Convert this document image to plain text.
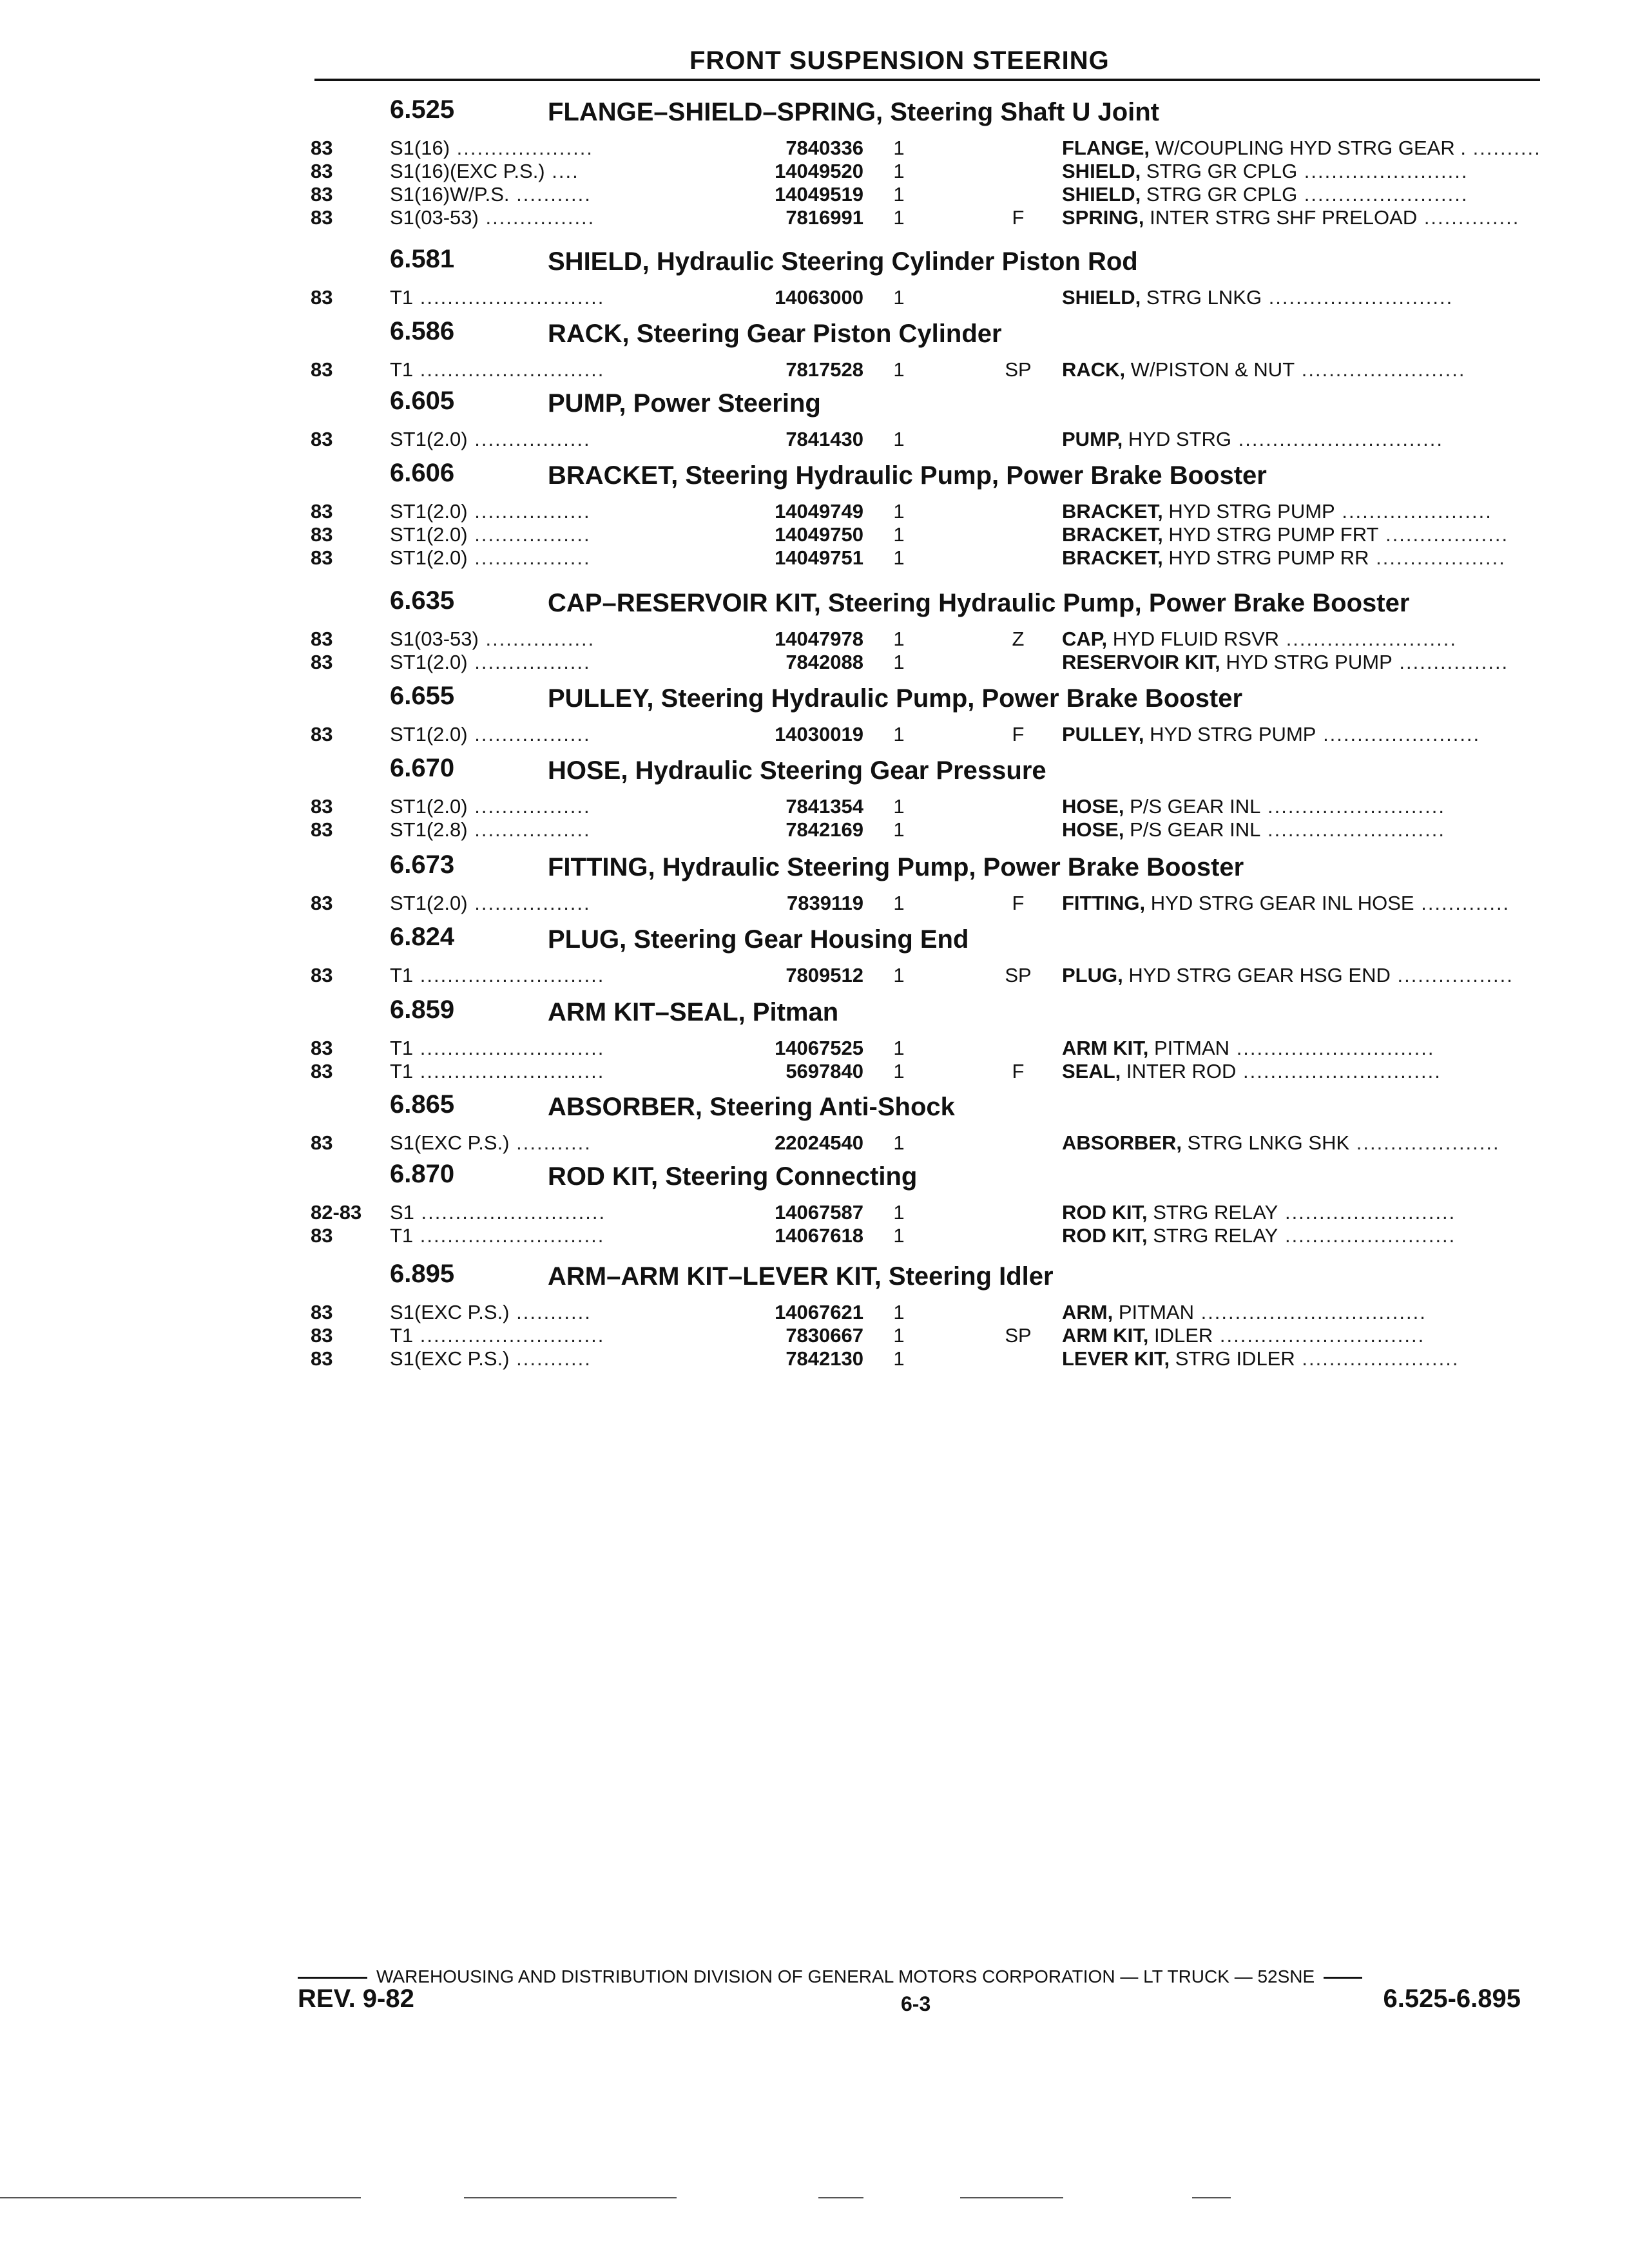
FRONT SUSPENSION STEERING
6.525	FLANGE–SHIELD–SPRING, Steering Shaft U Joint
83	S1(16) ....................	7840336 1	FLANGE, W/COUPLING HYD STRG GEAR . ..........
83	S1(16)(EXC P.S.) ....	14049520 1	SHIELD, STRG GR CPLG ........................
83	S1(16)W/P.S. ...........	14049519 1	SHIELD, STRG GR CPLG ........................
83	S1(03-53) ................	7816991 1	F	SPRING, INTER STRG SHF PRELOAD ..............
6.581	SHIELD, Hydraulic Steering Cylinder Piston Rod
83	T1 ...........................	14063000 1	SHIELD, STRG LNKG ...........................
6.586	RACK, Steering Gear Piston Cylinder
83	T1 ...........................	7817528 1	SP	RACK, W/PISTON & NUT ........................
6.605	PUMP, Power Steering
83	ST1(2.0) .................	7841430 1	PUMP, HYD STRG ..............................
6.606	BRACKET, Steering Hydraulic Pump, Power Brake Booster
83	ST1(2.0) .................	14049749 1	BRACKET, HYD STRG PUMP ......................
83	ST1(2.0) .................	14049750 1	BRACKET, HYD STRG PUMP FRT ..................
83	ST1(2.0) .................	14049751 1	BRACKET, HYD STRG PUMP RR ...................
6.635	CAP–RESERVOIR KIT, Steering Hydraulic Pump, Power Brake Booster
83	S1(03-53) ................	14047978 1	Z	CAP, HYD FLUID RSVR .........................
83	ST1(2.0) .................	7842088 1	RESERVOIR KIT, HYD STRG PUMP ................
6.655	PULLEY, Steering Hydraulic Pump, Power Brake Booster
83	ST1(2.0) .................	14030019 1	F	PULLEY, HYD STRG PUMP .......................
6.670	HOSE, Hydraulic Steering Gear Pressure
83	ST1(2.0) .................	7841354 1	HOSE, P/S GEAR INL ..........................
83	ST1(2.8) .................	7842169 1	HOSE, P/S GEAR INL ..........................
6.673	FITTING, Hydraulic Steering Pump, Power Brake Booster
83	ST1(2.0) .................	7839119 1	F	FITTING, HYD STRG GEAR INL HOSE .............
6.824	PLUG, Steering Gear Housing End
83	T1 ...........................	7809512 1	SP	PLUG, HYD STRG GEAR HSG END .................
6.859	ARM KIT–SEAL, Pitman
83	T1 ...........................	14067525 1	ARM KIT, PITMAN .............................
83	T1 ...........................	5697840 1	F	SEAL, INTER ROD .............................
6.865	ABSORBER, Steering Anti-Shock
83	S1(EXC P.S.) ...........	22024540 1	ABSORBER, STRG LNKG SHK .....................
6.870	ROD KIT, Steering Connecting
82-83 S1 ...........................	14067587 1	ROD KIT, STRG RELAY .........................
83	T1 ...........................	14067618 1	ROD KIT, STRG RELAY .........................
6.895	ARM–ARM KIT–LEVER KIT, Steering Idler
83	S1(EXC P.S.) ...........	14067621 1	ARM, PITMAN .................................
83	T1 ...........................	7830667 1	SP	ARM KIT, IDLER ..............................
83	S1(EXC P.S.) ...........	7842130 1	LEVER KIT, STRG IDLER .......................
WAREHOUSING AND DISTRIBUTION DIVISION OF GENERAL MOTORS CORPORATION — LT TRUCK — 52SNE
REV. 9-82	6-3	6.525-6.895
